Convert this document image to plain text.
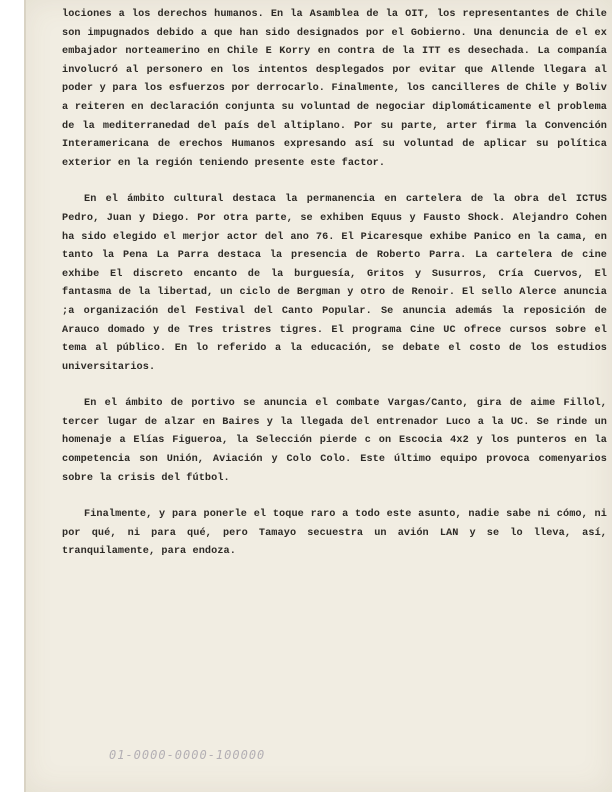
lociones a los derechos humanos. En la Asamblea de la OIT, los representantes de Chile son impugnados debido a que han sido designados por el Gobierno. Una denuncia de el ex embajador norteamerino en Chile E Korry en contra de la ITT es desechada. La companía involucró al personero en los intentos desplegados por evitar que Allende llegara al poder y para los esfuerzos por derrocarlo. Finalmente, los cancilleres de Chile y Boliv a reiteren en declaración conjunta su voluntad de negociar diplomáticamente el problema de la mediterranedad del país del altiplano. Por su parte, arter firma la Convención Interamericana de erechos Humanos expresando así su voluntad de aplicar su política exterior en la región teniendo presente este factor.

En el ámbito cultural destaca la permanencia en cartelera de la obra del ICTUS Pedro, Juan y Diego. Por otra parte, se exhiben Equus y Fausto Shock. Alejandro Cohen ha sido elegido el merjor actor del ano 76. El Picaresque exhibe Panico en la cama, en tanto la Pena La Parra destaca la presencia de Roberto Parra. La cartelera de cine exhibe El discreto encanto de la burguesía, Gritos y Susurros, Cría Cuervos, El fantasma de la libertad, un ciclo de Bergman y otro de Renoir. El sello Alerce anuncia ;a organización del Festival del Canto Popular. Se anuncia además la reposición de Arauco domado y de Tres tristres tigres. El programa Cine UC ofrece cursos sobre el tema al público. En lo referido a la educación, se debate el costo de los estudios universitarios.

En el ámbito de portivo se anuncia el combate Vargas/Canto, gira de aime Fillol, tercer lugar de alzar en Baires y la llegada del entrenador Luco a la UC. Se rinde un homenaje a Elías Figueroa, la Selección pierde c on Escocia 4x2 y los punteros en la competencia son Unión, Aviación y Colo Colo. Este último equipo provoca comenyarios sobre la crisis del fútbol.

Finalmente, y para ponerle el toque raro a todo este asunto, nadie sabe ni cómo, ni por qué, ni para qué, pero Tamayo secuestra un avión LAN y se lo lleva, así, tranquilamente, para endoza.

01-0000-0000-100000
